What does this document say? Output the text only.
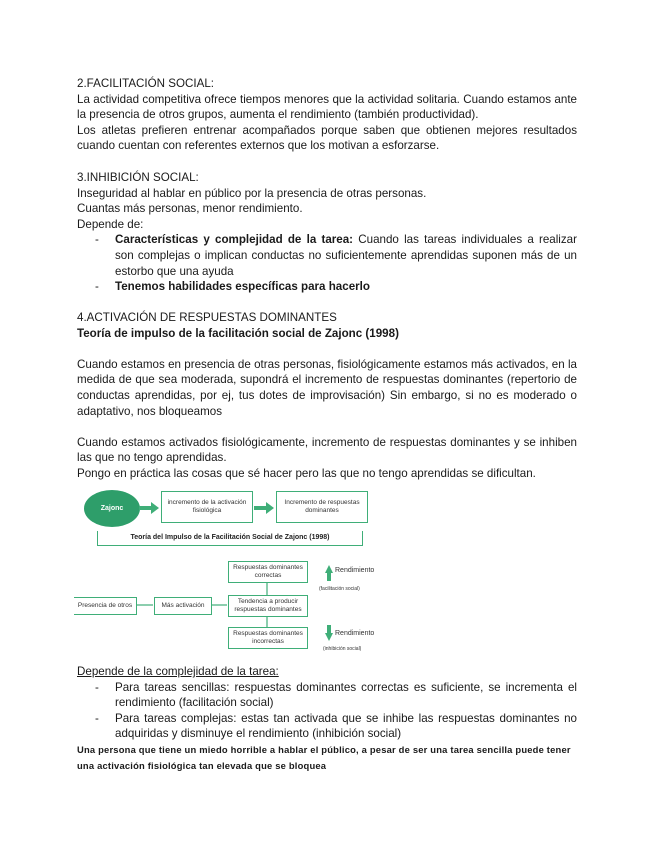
2.FACILITACIÓN SOCIAL:

La actividad competitiva ofrece tiempos menores que la actividad solitaria. Cuando estamos ante la presencia de otros grupos, aumenta el rendimiento (también productividad).

Los atletas prefieren entrenar acompañados porque saben que obtienen mejores resultados cuando cuentan con referentes externos que los motivan a esforzarse.

3.INHIBICIÓN SOCIAL:

Inseguridad al hablar en público por la presencia de otras personas.

Cuantas más personas, menor rendimiento.

Depende de:

- Características y complejidad de la tarea: Cuando las tareas individuales a realizar son complejas o implican conductas no suficientemente aprendidas suponen más de un estorbo que una ayuda
- Tenemos habilidades específicas para hacerlo

4.ACTIVACIÓN DE RESPUESTAS DOMINANTES

Teoría de impulso de la facilitación social de Zajonc (1998)

Cuando estamos en presencia de otras personas, fisiológicamente estamos más activados, en la medida de que sea moderada, supondrá el incremento de respuestas dominantes (repertorio de conductas aprendidas, por ej, tus dotes de improvisación) Sin embargo, si no es moderado o adaptativo, nos bloqueamos

Cuando estamos activados fisiológicamente, incremento de respuestas dominantes y se inhiben las que no tengo aprendidas.

Pongo en práctica las cosas que sé hacer pero las que no tengo aprendidas se dificultan.

Zajonc
incremento de la activación fisiológica
Incremento de respuestas dominantes
Teoría del Impulso de la Facilitación Social de Zajonc (1998)
Presencia de otros	Más activación
Tendencia a producir respuestas dominantes
Respuestas dominantes correctas
Respuestas dominantes incorrectas
Rendimiento
(facilitación social)
Rendimiento
(inhibición social)

Depende de la complejidad de la tarea:

- Para tareas sencillas: respuestas dominantes correctas es suficiente, se incrementa el rendimiento (facilitación social)
- Para tareas complejas: estas tan activada que se inhibe las respuestas dominantes no adquiridas y disminuye el rendimiento (inhibición social)

Una persona que tiene un miedo horrible a hablar el público, a pesar de ser una tarea sencilla puede tener una activación fisiológica tan elevada que se bloquea
